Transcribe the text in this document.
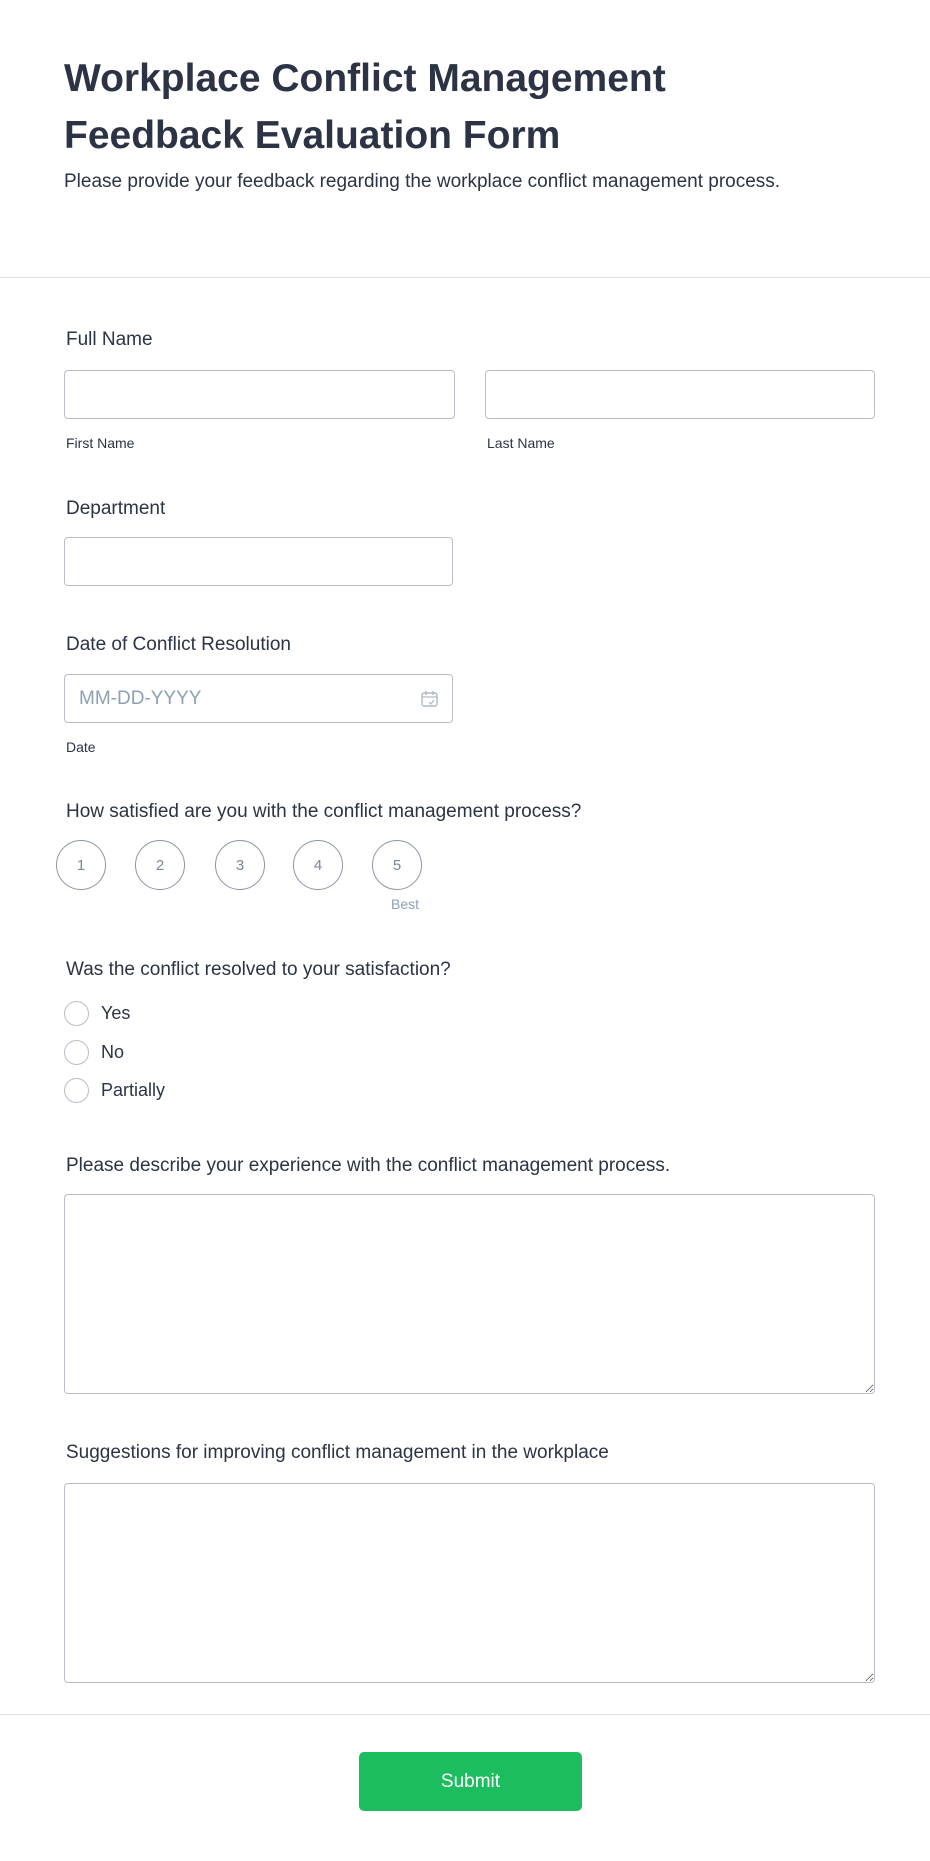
Workplace Conflict Management Feedback Evaluation Form
Please provide your feedback regarding the workplace conflict management process.
Full Name
First Name	Last Name
Department
Date of Conflict Resolution
MM-DD-YYYY
Date
How satisfied are you with the conflict management process?
1	2	3	4	5
Best
Was the conflict resolved to your satisfaction?
Yes
No
Partially
Please describe your experience with the conflict management process.
Suggestions for improving conflict management in the workplace
Submit
